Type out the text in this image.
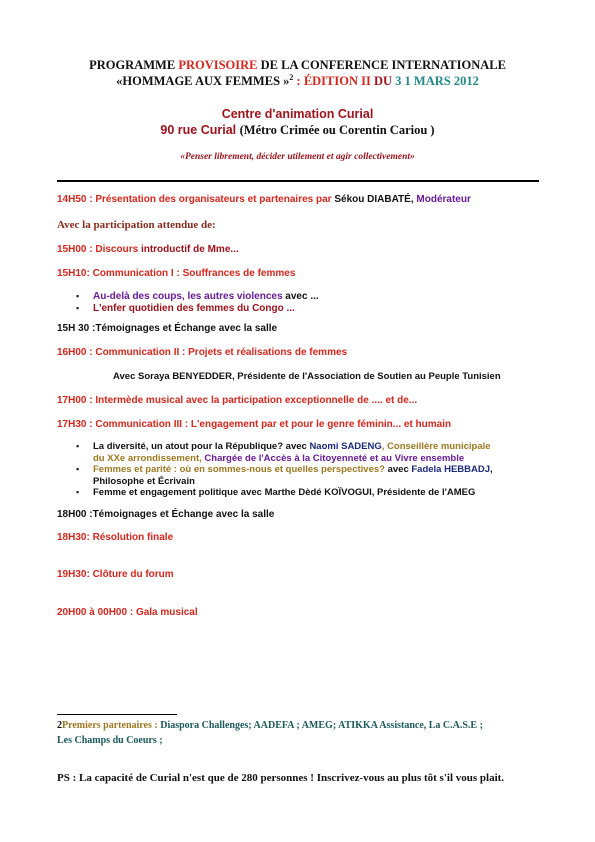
PROGRAMME PROVISOIRE DE LA CONFERENCE INTERNATIONALE
«HOMMAGE AUX FEMMES »$^2$ : ÉDITION II DU 3 1 MARS 2012
Centre d'animation Curial
90 rue Curial (Métro Crimée ou Corentin Cariou )
«Penser librement, décider utilement et agir collectivement»
14H50 : Présentation des organisateurs et partenaires par Sékou DIABATÉ, Modérateur
Avec la participation attendue de:
15H00 : Discours introductif de Mme...
15H10: Communication I : Souffrances de femmes
▪ Au-delà des coups, les autres violences avec ...
▪ L'enfer quotidien des femmes du Congo ...
15H 30 :Témoignages et Échange avec la salle
16H00 : Communication II : Projets et réalisations de femmes
Avec Soraya BENYEDDER, Présidente de l'Association de Soutien au Peuple Tunisien
17H00 : Intermède musical avec la participation exceptionnelle de .... et de...
17H30 : Communication III : L'engagement par et pour le genre féminin... et humain
▪ La diversité, un atout pour la République? avec Naomi SADENG, Conseillère municipale
du XXe arrondissement, Chargée de l'Accès à la Citoyenneté et au Vivre ensemble
▪ Femmes et parité : où en sommes-nous et quelles perspectives? avec Fadela HEBBADJ,
Philosophe et Écrivain
▪ Femme et engagement politique avec Marthe Dèdé KOÏVOGUI, Présidente de l'AMEG
18H00 :Témoignages et Échange avec la salle
18H30: Résolution finale
19H30: Clôture du forum
20H00 à 00H00 : Gala musical
2Premiers partenaires : Diaspora Challenges; AADEFA ; AMEG; ATIKKA Assistance, La C.A.S.E ;
Les Champs du Coeurs ;
PS : La capacité de Curial n'est que de 280 personnes ! Inscrivez-vous au plus tôt s'il vous plait.
